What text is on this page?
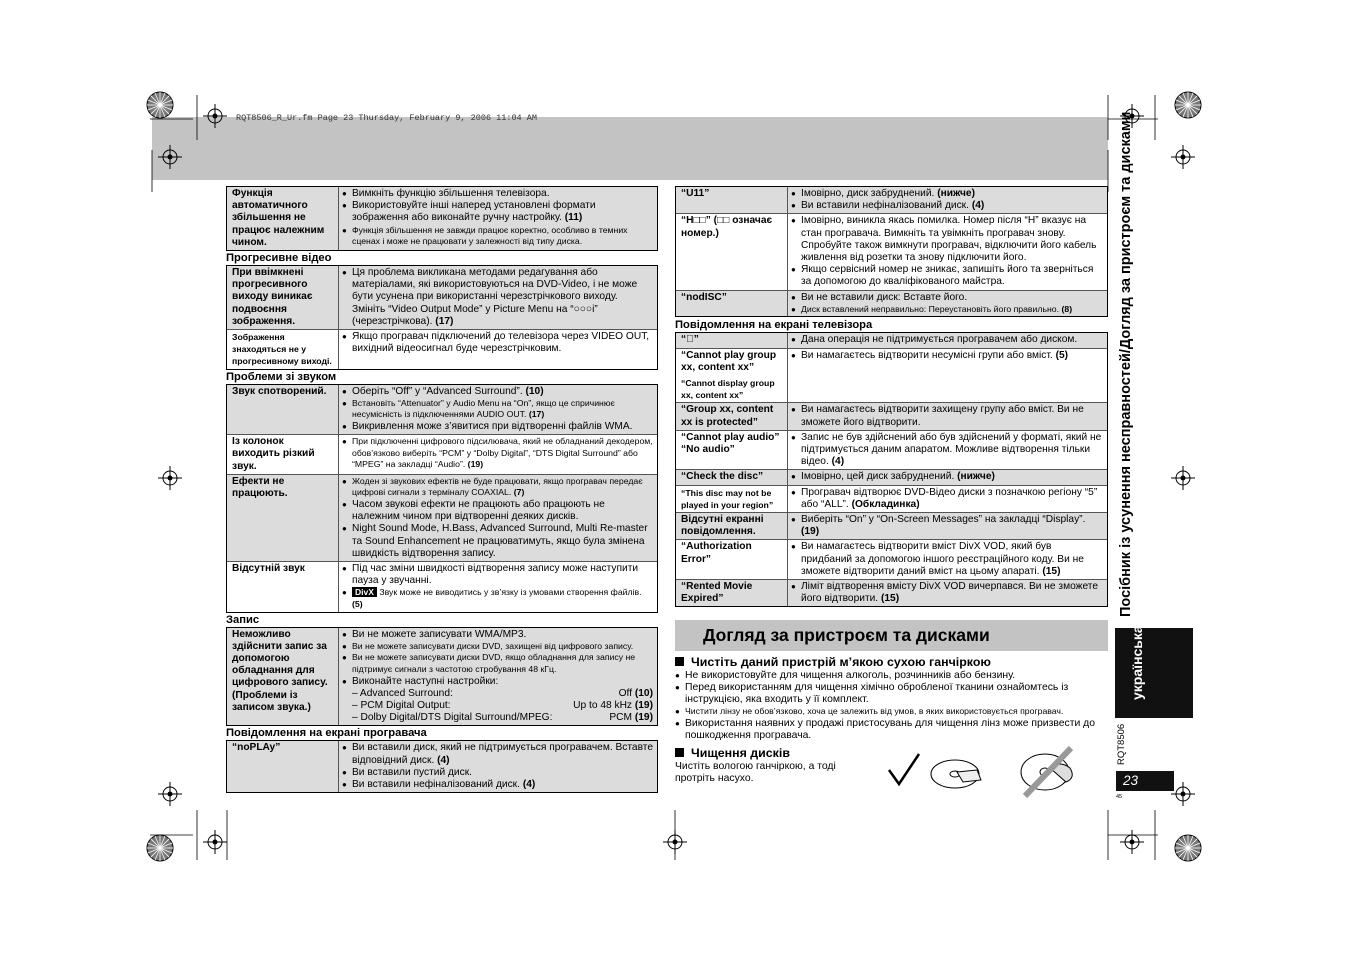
RQT8506_R_Ur.fm Page 23 Thursday, February 9, 2006 11:04 AM
Функція автоматичного збільшення не працює належним чином.
● Вимкніть функцію збільшення телевізора.
● Використовуйте інші наперед установлені формати зображення або виконайте ручну настройку. (11)
● Функція збільшення не завжди працює коректно, особливо в темних сценах і може не працювати у залежності від типу диска.
Прогресивне відео
При ввімкнені прогресивного виходу виникає подвоєння зображення.
● Ця проблема викликана методами редагування або матеріалами, які використовуються на DVD-Video, і не може бути усунена при використанні черезстрічкового виходу. Змініть “Video Output Mode” у Picture Menu на “○○○i” (черезстрічкова). (17)
Зображення знаходяться не у прогресивному виході.
● Якщо програвач підключений до телевізора через VIDEO OUT, вихідний відеосигнал буде черезстрічковим.
Проблеми зі звуком
Звук спотворений.	● Оберіть “Off” у “Advanced Surround”. (10)
● Встановіть “Attenuator” у Audio Menu на “On”, якщо це спричинює несумісність із підключеннями AUDIO OUT. (17)
● Викривлення може з’явитися при відтворенні файлів WMA.
Із колонок виходить різкий звук.
● При підключенні цифрового підсилювача, який не обладнаний декодером, обов’язково виберіть “PCM” у “Dolby Digital”, “DTS Digital Surround” або “MPEG” на закладці “Audio”. (19)
Ефекти не працюють.
● Жоден зі звукових ефектів не буде працювати, якщо програвач передає цифрові сигнали з терміналу COAXIAL. (7)
● Часом звукові ефекти не працюють або працюють не належним чином при відтворенні деяких дисків.
● Night Sound Mode, H.Bass, Advanced Surround, Multi Re-master та Sound Enhancement не працюватимуть, якщо була змінена швидкість відтворення запису.
Відсутній звук	● Під час зміни швидкості відтворення запису може наступити пауза у звучанні.
● DivX Звук може не виводитись у зв’язку із умовами створення файлів. (5)
Запис
Неможливо здійснити запис за допомогою обладнання для цифрового запису. (Проблеми із записом звука.)
● Ви не можете записувати WMA/MP3.
● Ви не можете записувати диски DVD, захищені від цифрового запису.
● Ви не можете записувати диски DVD, якщо обладнання для запису не підтримує сигнали з частотою стробування 48 кГц.
● Виконайте наступні настройки:
– Advanced Surround:	Off (10)
– PCM Digital Output:	Up to 48 kHz (19)
– Dolby Digital/DTS Digital Surround/MPEG:	PCM (19)
Повідомлення на екрані програвача
“noPLAy”	● Ви вставили диск, який не підтримується програвачем. Вставте відповідний диск. (4)
● Ви вставили пустий диск.
● Ви вставили нефіналізований диск. (4)
“U11”	● Імовірно, диск забруднений. (нижче)
● Ви вставили нефіналізований диск. (4)
“H□□” (□□ означає номер.)
● Імовірно, виникла якась помилка. Номер після “H” вказує на стан програвача. Вимкніть та увімкніть програвач знову. Спробуйте також вимкнути програвач, відключити його кабель живлення від розетки та знову підключити його.
● Якщо сервісний номер не зникає, запишіть його та зверніться за допомогою до кваліфікованого майстра.
“nodISC”	● Ви не вставили диск: Вставте його.
● Диск вставлений неправильно: Переустановіть його правильно. (8)
Повідомлення на екрані телевізора
“⃠”	● Дана операція не підтримується програвачем або диском.
“Cannot play group xx, content xx”
“Cannot display group xx, content xx”
● Ви намагаєтесь відтворити несумісні групи або вміст. (5)
“Group xx, content xx is protected”
● Ви намагаєтесь відтворити захищену групу або вміст. Ви не зможете його відтворити.
“Cannot play audio” “No audio”
● Запис не був здійснений або був здійснений у форматі, який не підтримується даним апаратом. Можливе відтворення тільки відео. (4)
“Check the disc”	● Імовірно, цей диск забруднений. (нижче)
“This disc may not be played in your region”
● Програвач відтворює DVD-Відео диски з позначкою регіону “5” або “ALL”. (Обкладинка)
Відсутні екранні повідомлення.
● Виберіть “On” у “On-Screen Messages” на закладці “Display”. (19)
“Authorization Error”
● Ви намагаєтесь відтворити вміст DivX VOD, який був придбаний за допомогою іншого реєстраційного коду. Ви не зможете відтворити даний вміст на цьому апараті. (15)
“Rented Movie Expired”
● Ліміт відтворення вмісту DivX VOD вичерпався. Ви не зможете його відтворити. (15)
Догляд за пристроєм та дисками
Чистіть даний пристрій м’якою сухою ганчіркою
● Не використовуйте для чищення алкоголь, розчинників або бензину.
● Перед використанням для чищення хімічно обробленої тканини ознайомтесь із інструкцією, яка входить у її комплект.
● Чистити лінзу не обов’язково, хоча це залежить від умов, в яких використовується програвач.
● Використання наявних у продажі пристосувань для чищення лінз може призвести до пошкодження програвача.
Чищення дисків
Чистіть вологою ганчіркою, а тоді протріть насухо.
Посібник із усунення несправностей/Догляд за пристроєм та дисками
українська
RQT8506
23
45
